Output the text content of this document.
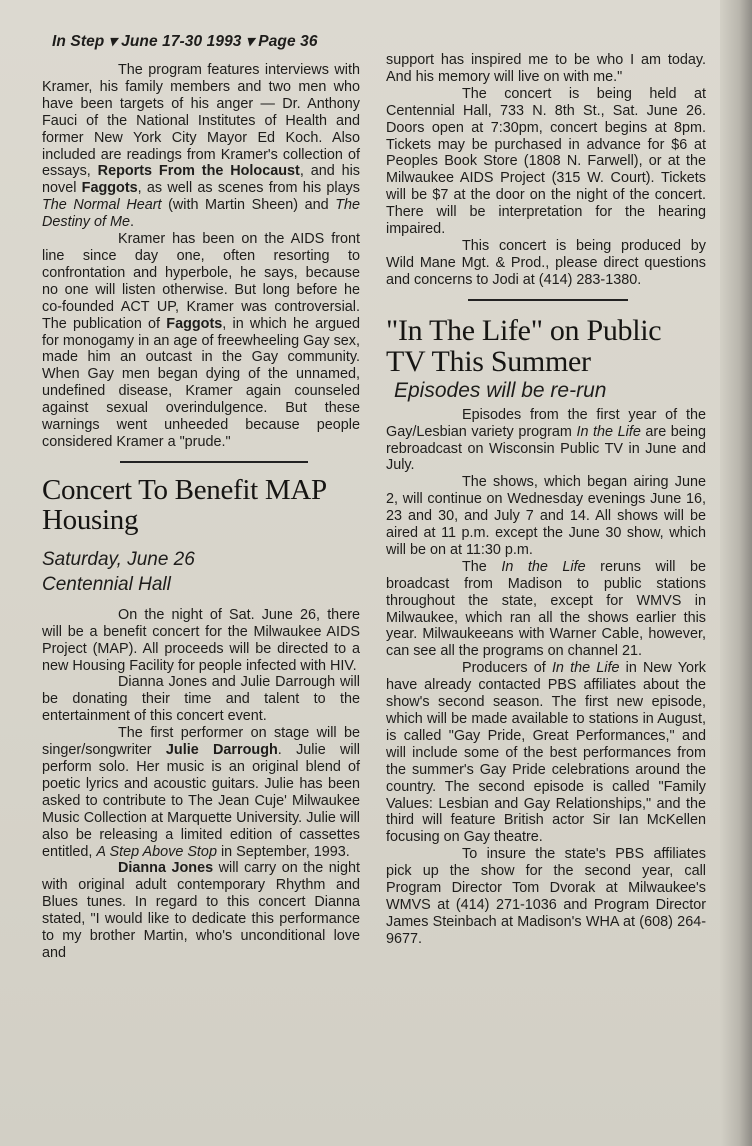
In Step ▾ June 17-30 1993 ▾ Page 36

The program features interviews with Kramer, his family members and two men who have been targets of his anger — Dr. Anthony Fauci of the National Institutes of Health and former New York City Mayor Ed Koch. Also included are readings from Kramer's collection of essays, Reports From the Holocaust, and his novel Faggots, as well as scenes from his plays The Normal Heart (with Martin Sheen) and The Destiny of Me.

Kramer has been on the AIDS front line since day one, often resorting to confrontation and hyperbole, he says, because no one will listen otherwise. But long before he co-founded ACT UP, Kramer was controversial. The publication of Faggots, in which he argued for monogamy in an age of freewheeling Gay sex, made him an outcast in the Gay community. When Gay men began dying of the unnamed, undefined disease, Kramer again counseled against sexual overindulgence. But these warnings went unheeded because people considered Kramer a "prude."

Concert To Benefit MAP Housing

Saturday, June 26

Centennial Hall

On the night of Sat. June 26, there will be a benefit concert for the Milwaukee AIDS Project (MAP). All proceeds will be directed to a new Housing Facility for people infected with HIV.

Dianna Jones and Julie Darrough will be donating their time and talent to the entertainment of this concert event.

The first performer on stage will be singer/songwriter Julie Darrough. Julie will perform solo. Her music is an original blend of poetic lyrics and acoustic guitars. Julie has been asked to contribute to The Jean Cuje' Milwaukee Music Collection at Marquette University. Julie will also be releasing a limited edition of cassettes entitled, A Step Above Stop in September, 1993.

Dianna Jones will carry on the night with original adult contemporary Rhythm and Blues tunes. In regard to this concert Dianna stated, "I would like to dedicate this performance to my brother Martin, who's unconditional love and

support has inspired me to be who I am today. And his memory will live on with me."

The concert is being held at Centennial Hall, 733 N. 8th St., Sat. June 26. Doors open at 7:30pm, concert begins at 8pm. Tickets may be purchased in advance for $6 at Peoples Book Store (1808 N. Farwell), or at the Milwaukee AIDS Project (315 W. Court). Tickets will be $7 at the door on the night of the concert. There will be interpretation for the hearing impaired.

This concert is being produced by Wild Mane Mgt. & Prod., please direct questions and concerns to Jodi at (414) 283-1380.

"In The Life" on Public TV This Summer

Episodes will be re-run

Episodes from the first year of the Gay/Lesbian variety program In the Life are being rebroadcast on Wisconsin Public TV in June and July.

The shows, which began airing June 2, will continue on Wednesday evenings June 16, 23 and 30, and July 7 and 14. All shows will be aired at 11 p.m. except the June 30 show, which will be on at 11:30 p.m.

The In the Life reruns will be broadcast from Madison to public stations throughout the state, except for WMVS in Milwaukee, which ran all the shows earlier this year. Milwaukeeans with Warner Cable, however, can see all the programs on channel 21.

Producers of In the Life in New York have already contacted PBS affiliates about the show's second season. The first new episode, which will be made available to stations in August, is called "Gay Pride, Great Performances," and will include some of the best performances from the summer's Gay Pride celebrations around the country. The second episode is called "Family Values: Lesbian and Gay Relationships," and the third will feature British actor Sir Ian McKellen focusing on Gay theatre.

To insure the state's PBS affiliates pick up the show for the second year, call Program Director Tom Dvorak at Milwaukee's WMVS at (414) 271-1036 and Program Director James Steinbach at Madison's WHA at (608) 264-9677.
